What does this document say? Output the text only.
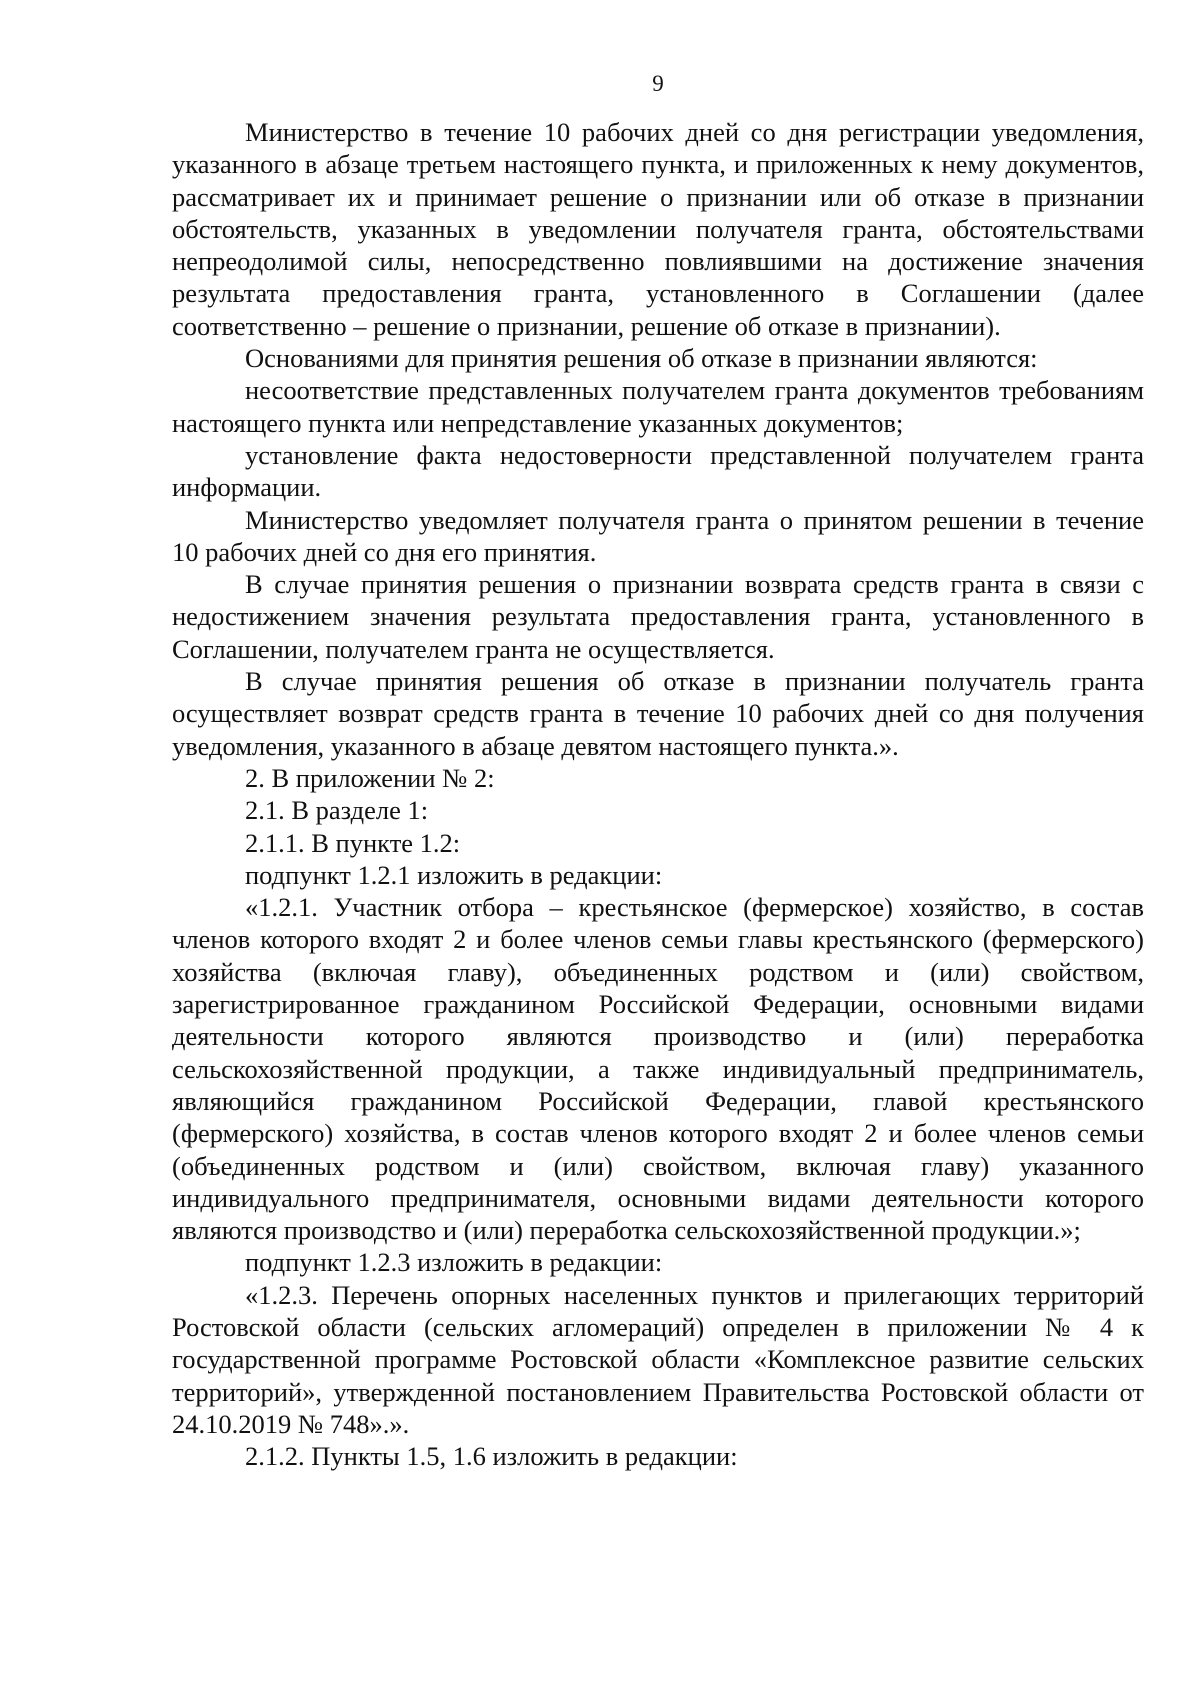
9

Министерство в течение 10 рабочих дней со дня регистрации уведомления, указанного в абзаце третьем настоящего пункта, и приложенных к нему документов, рассматривает их и принимает решение о признании или об отказе в признании обстоятельств, указанных в уведомлении получателя гранта, обстоятельствами непреодолимой силы, непосредственно повлиявшими на достижение значения результата предоставления гранта, установленного в Соглашении (далее соответственно – решение о признании, решение об отказе в признании).

Основаниями для принятия решения об отказе в признании являются:

несоответствие представленных получателем гранта документов требованиям настоящего пункта или непредставление указанных документов;

установление факта недостоверности представленной получателем гранта информации.

Министерство уведомляет получателя гранта о принятом решении в течение 10 рабочих дней со дня его принятия.

В случае принятия решения о признании возврата средств гранта в связи с недостижением значения результата предоставления гранта, установленного в Соглашении, получателем гранта не осуществляется.

В случае принятия решения об отказе в признании получатель гранта осуществляет возврат средств гранта в течение 10 рабочих дней со дня получения уведомления, указанного в абзаце девятом настоящего пункта.».

2. В приложении № 2:

2.1. В разделе 1:

2.1.1. В пункте 1.2:

подпункт 1.2.1 изложить в редакции:

«1.2.1. Участник отбора – крестьянское (фермерское) хозяйство, в состав членов которого входят 2 и более членов семьи главы крестьянского (фермерского) хозяйства (включая главу), объединенных родством и (или) свойством, зарегистрированное гражданином Российской Федерации, основными видами деятельности которого являются производство и (или) переработка сельскохозяйственной продукции, а также индивидуальный предприниматель, являющийся гражданином Российской Федерации, главой крестьянского (фермерского) хозяйства, в состав членов которого входят 2 и более членов семьи (объединенных родством и (или) свойством, включая главу) указанного индивидуального предпринимателя, основными видами деятельности которого являются производство и (или) переработка сельскохозяйственной продукции.»;

подпункт 1.2.3 изложить в редакции:

«1.2.3. Перечень опорных населенных пунктов и прилегающих территорий Ростовской области (сельских агломераций) определен в приложении № 4 к государственной программе Ростовской области «Комплексное развитие сельских территорий», утвержденной постановлением Правительства Ростовской области от 24.10.2019 № 748».».

2.1.2. Пункты 1.5, 1.6 изложить в редакции:
